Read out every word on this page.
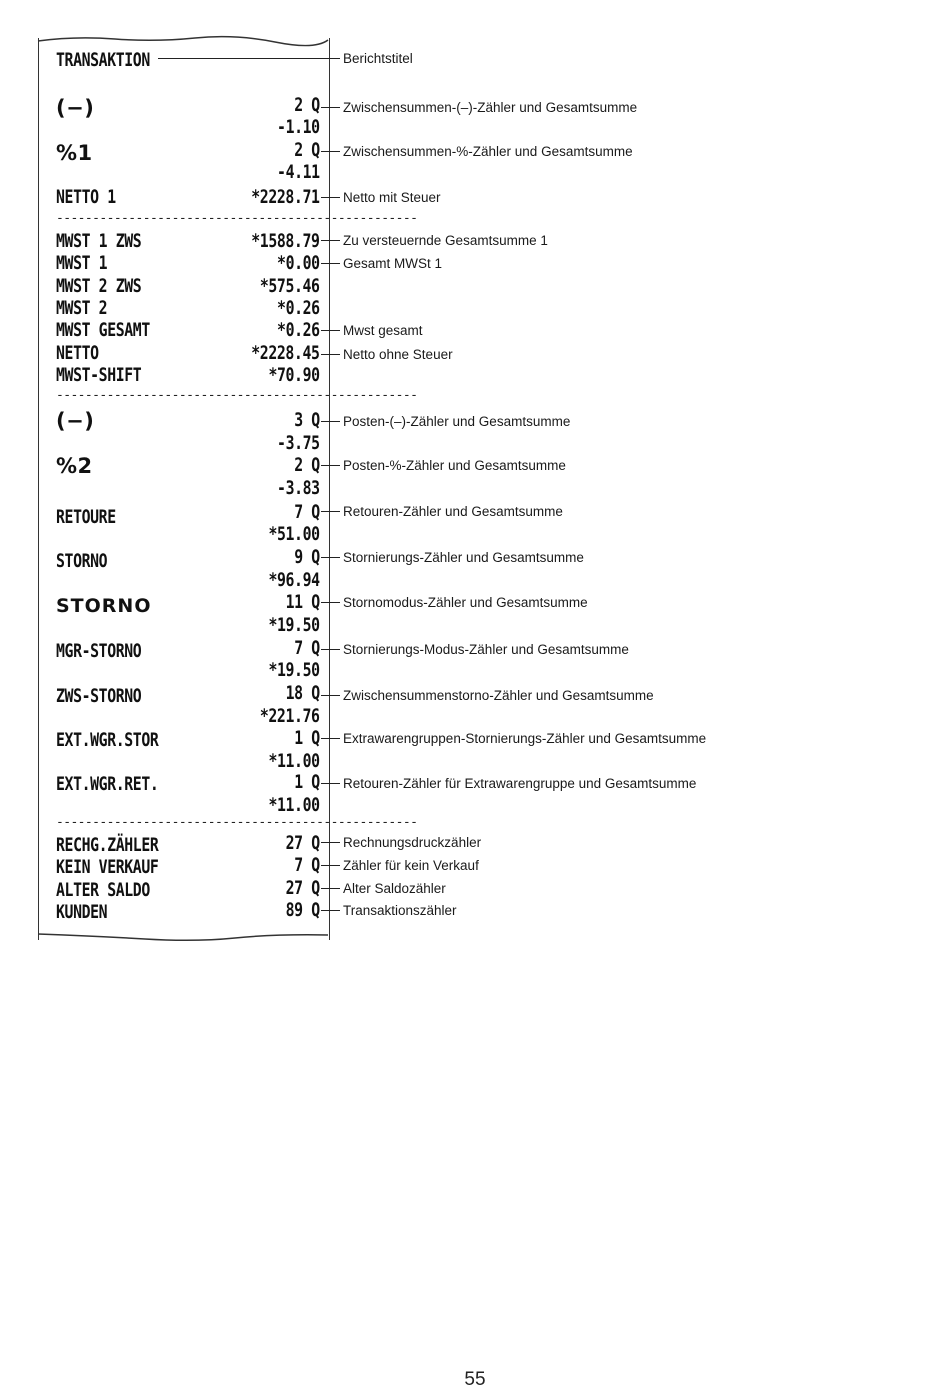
TRANSAKTION
(−)	2 Q
-1.10
%1	2 Q
-4.11
NETTO 1	*2228.71
--------------------------------------------------
MWST 1 ZWS	*1588.79
MWST 1	*0.00
MWST 2 ZWS	*575.46
MWST 2	*0.26
MWST GESAMT	*0.26
NETTO	*2228.45
MWST-SHIFT	*70.90
--------------------------------------------------
(−)	3 Q
-3.75
%2	2 Q
-3.83
RETOURE	7 Q
*51.00
STORNO	9 Q
*96.94
STORNO	11 Q
*19.50
MGR-STORNO	7 Q
*19.50
ZWS-STORNO	18 Q
*221.76
EXT.WGR.STOR	1 Q
*11.00
EXT.WGR.RET.	1 Q
*11.00
--------------------------------------------------
RECHG.ZÄHLER	27 Q
KEIN VERKAUF	7 Q
ALTER SALDO	27 Q
KUNDEN	89 Q
Berichtstitel
Zwischensummen-(–)-Zähler und Gesamtsumme
Zwischensummen-%-Zähler und Gesamtsumme
Netto mit Steuer
Zu versteuernde Gesamtsumme 1
Gesamt MWSt 1
Mwst gesamt
Netto ohne Steuer
Posten-(–)-Zähler und Gesamtsumme
Posten-%-Zähler und Gesamtsumme
Retouren-Zähler und Gesamtsumme
Stornierungs-Zähler und Gesamtsumme
Stornomodus-Zähler und Gesamtsumme
Stornierungs-Modus-Zähler und Gesamtsumme
Zwischensummenstorno-Zähler und Gesamtsumme
Extrawarengruppen-Stornierungs-Zähler und Gesamtsumme
Retouren-Zähler für Extrawarengruppe und Gesamtsumme
Rechnungsdruckzähler
Zähler für kein Verkauf
Alter Saldozähler
Transaktionszähler
55
